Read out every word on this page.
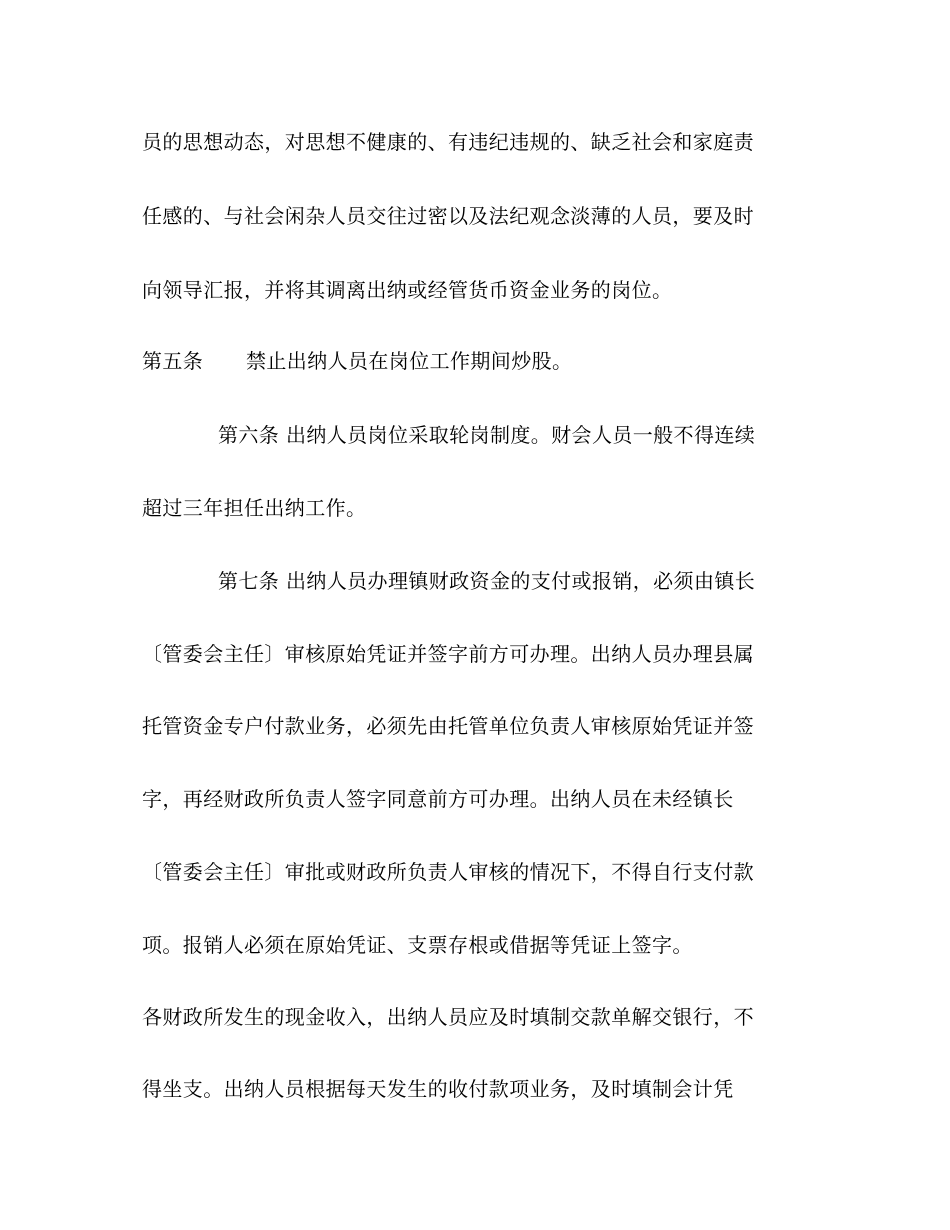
员的思想动态，对思想不健康的、有违纪违规的、缺乏社会和家庭责
任感的、与社会闲杂人员交往过密以及法纪观念淡薄的人员，要及时
向领导汇报，并将其调离出纳或经管货币资金业务的岗位。
第五条 禁止出纳人员在岗位工作期间炒股。
第六条 出纳人员岗位采取轮岗制度。财会人员一般不得连续
超过三年担任出纳工作。
第七条 出纳人员办理镇财政资金的支付或报销，必须由镇长
〔管委会主任〕审核原始凭证并签字前方可办理。出纳人员办理县属
托管资金专户付款业务，必须先由托管单位负责人审核原始凭证并签
字，再经财政所负责人签字同意前方可办理。出纳人员在未经镇长
〔管委会主任〕审批或财政所负责人审核的情况下，不得自行支付款
项。报销人必须在原始凭证、支票存根或借据等凭证上签字。
各财政所发生的现金收入，出纳人员应及时填制交款单解交银行，不
得坐支。出纳人员根据每天发生的收付款项业务，及时填制会计凭
